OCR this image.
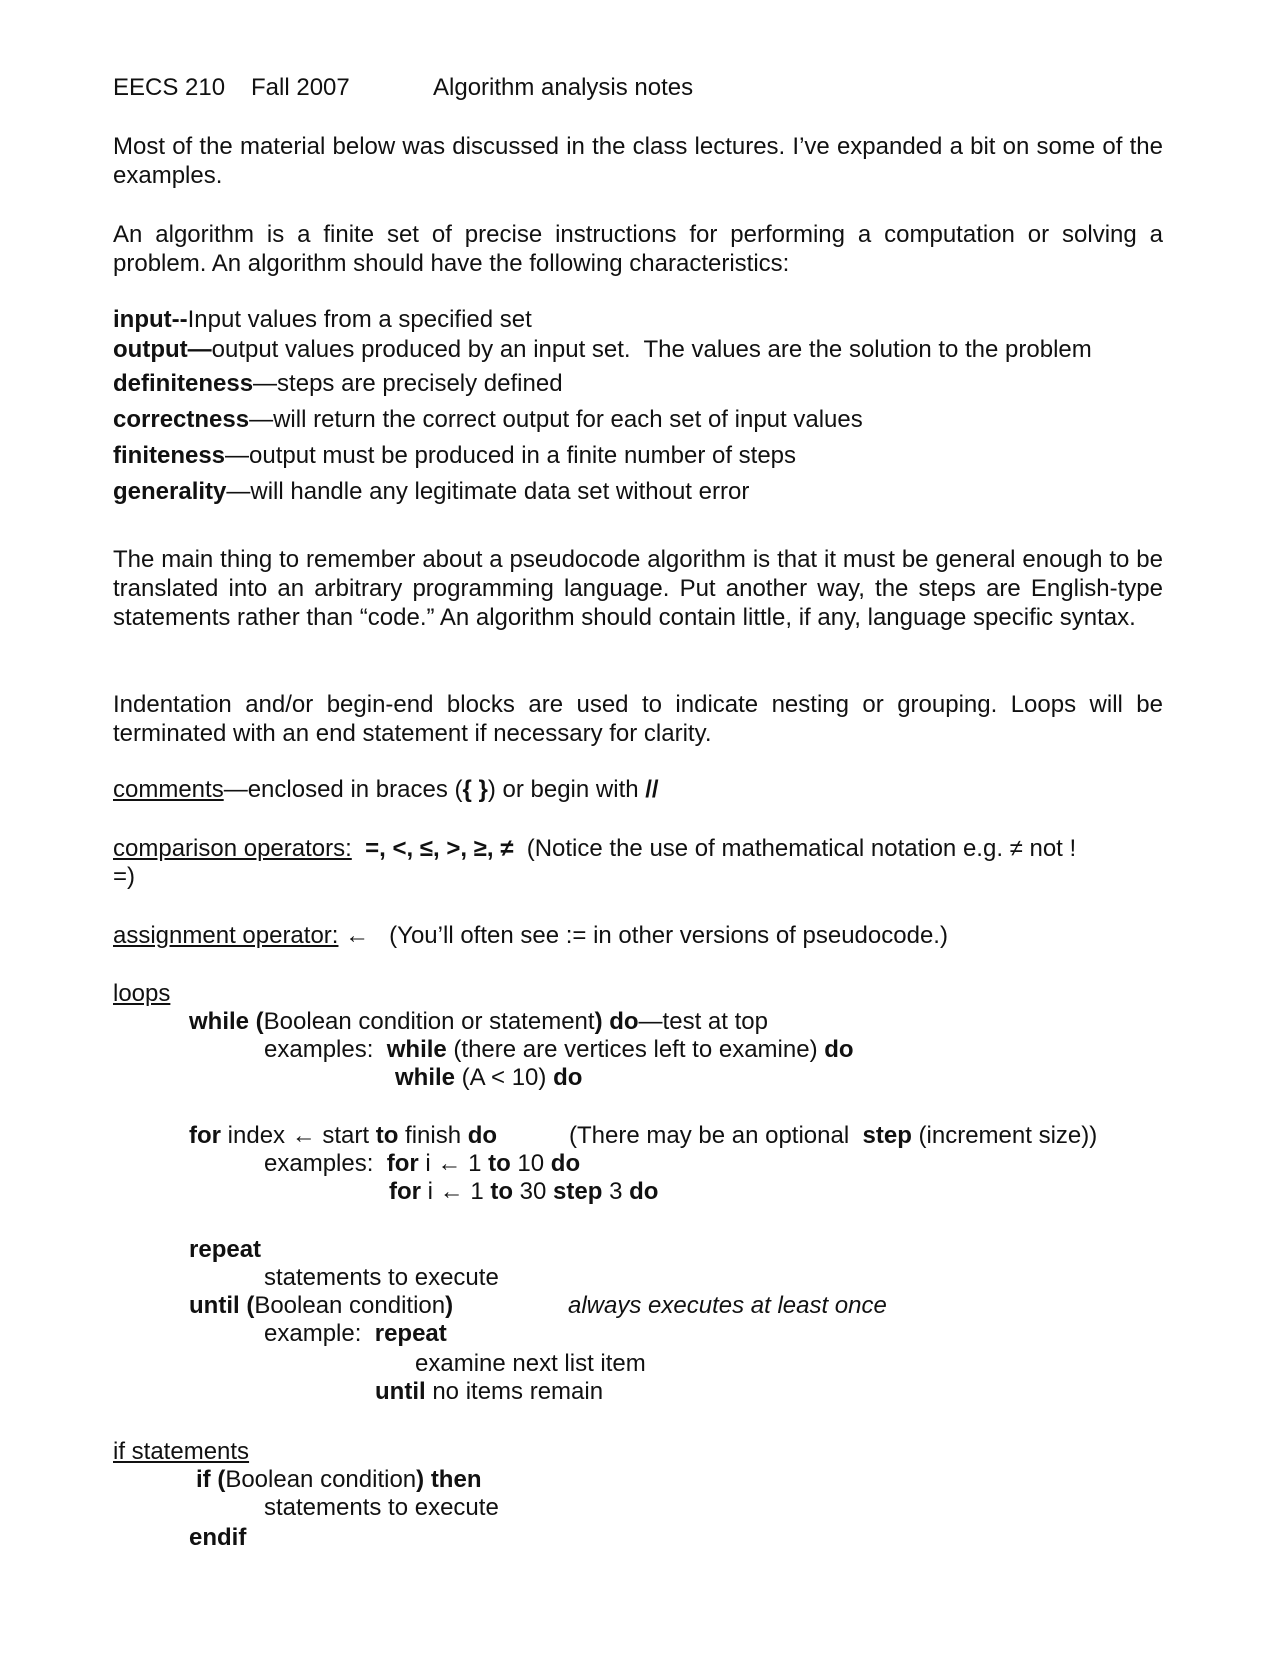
EECS 210 Fall 2007	Algorithm analysis notes
Most of the material below was discussed in the class lectures. I’ve expanded a bit on some of the examples.
An algorithm is a finite set of precise instructions for performing a computation or solving a problem. An algorithm should have the following characteristics:
input--Input values from a specified set
output—output values produced by an input set.  The values are the solution to the problem
definiteness—steps are precisely defined
correctness—will return the correct output for each set of input values
finiteness—output must be produced in a finite number of steps
generality—will handle any legitimate data set without error
The main thing to remember about a pseudocode algorithm is that it must be general enough to be translated into an arbitrary programming language. Put another way, the steps are English-type statements rather than “code.” An algorithm should contain little, if any, language specific syntax.
Indentation and/or begin-end blocks are used to indicate nesting or grouping. Loops will be terminated with an end statement if necessary for clarity.
comments—enclosed in braces ({ }) or begin with //
comparison operators: =, <, ≤, >, ≥, ≠ (Notice the use of mathematical notation e.g. ≠ not !
=)
assignment operator: ← (You’ll often see := in other versions of pseudocode.)
loops
while (Boolean condition or statement) do—test at top
examples: while (there are vertices left to examine) do
while (A < 10) do
for index ← start to finish do	(There may be an optional  step (increment size))
examples: for i ← 1 to 10 do
for i ← 1 to 30 step 3 do
repeat
statements to execute
until (Boolean condition)	always executes at least once
example: repeat
examine next list item
until no items remain
if statements
if (Boolean condition) then
statements to execute
endif
